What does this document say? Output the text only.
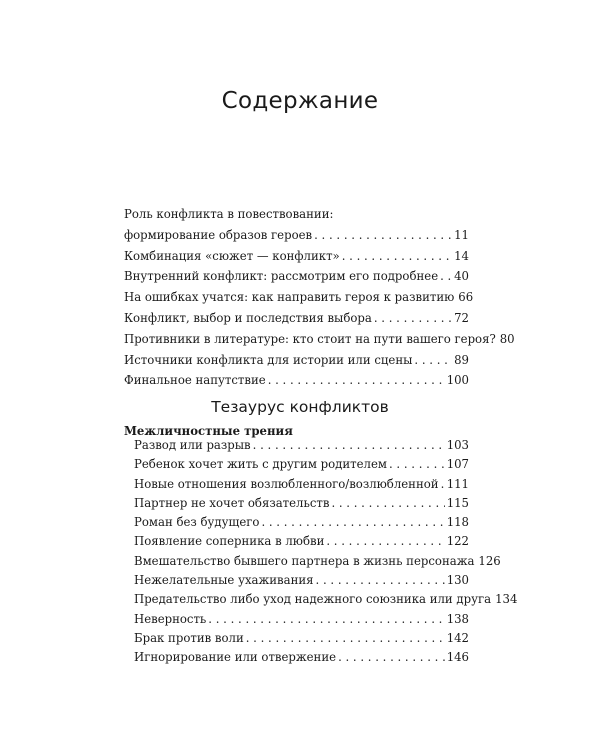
Содержание
Роль конфликта в повествовании:
формирование образов героев . . .	11
Комбинация «сюжет — конфликт» . . .	14
Внутренний конфликт: рассмотрим его подробнее . . . 40
На ошибках учатся: как направить героя к развитию 66
Конфликт, выбор и последствия выбора . . .	72
Противники в литературе: кто стоит на пути вашего героя? 80
Источники конфликта для истории или сцены . . .	89
Финальное напутствие . . .	100
Тезаурус конфликтов
Межличностные трения
Развод или разрыв . . .	103
Ребенок хочет жить с другим родителем . . .	107
Новые отношения возлюбленного/возлюбленной . . . 111
Партнер не хочет обязательств . . .	115
Роман без будущего . . .	118
Появление соперника в любви . . .	122
Вмешательство бывшего партнера в жизнь персонажа 126
Нежелательные ухаживания . . .	130
Предательство либо уход надежного союзника или друга 134
Неверность . . .	138
Брак против воли . . .	142
Игнорирование или отвержение . . .	146
